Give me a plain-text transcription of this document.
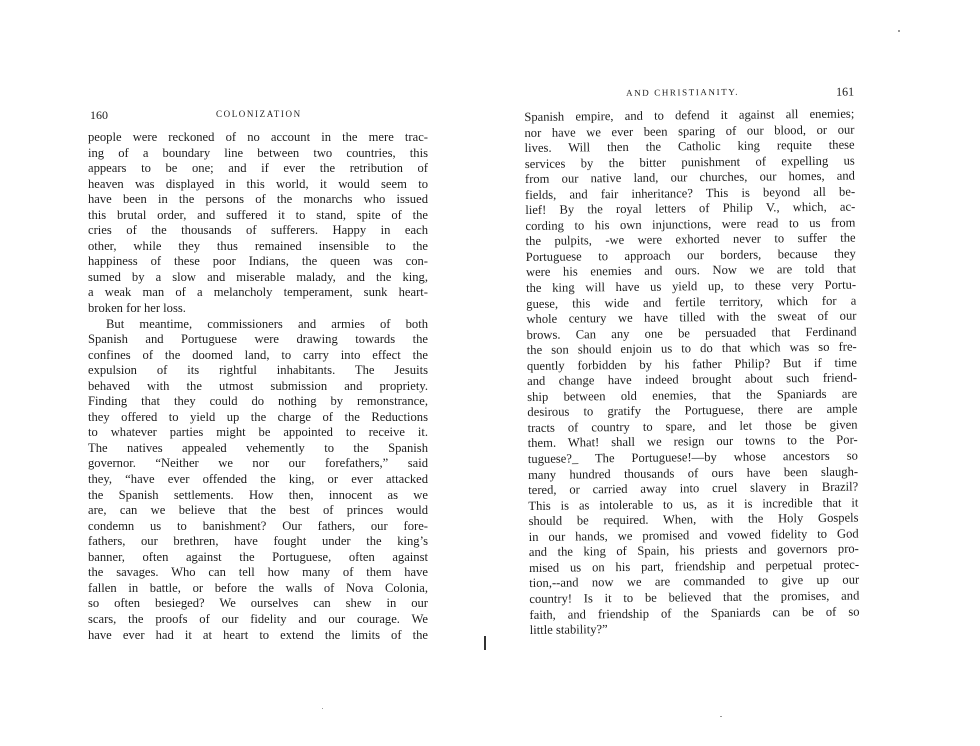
160	COLONIZATION
people were reckoned of no account in the mere trac-
ing of a boundary line between two countries, this
appears to be one; and if ever the retribution of
heaven was displayed in this world, it would seem to
have been in the persons of the monarchs who issued
this brutal order, and suffered it to stand, spite of the
cries of the thousands of sufferers. Happy in each
other, while they thus remained insensible to the
happiness of these poor Indians, the queen was con-
sumed by a slow and miserable malady, and the king,
a weak man of a melancholy temperament, sunk heart-
broken for her loss.
But meantime, commissioners and armies of both
Spanish and Portuguese were drawing towards the
confines of the doomed land, to carry into effect the
expulsion of its rightful inhabitants. The Jesuits
behaved with the utmost submission and propriety.
Finding that they could do nothing by remonstrance,
they offered to yield up the charge of the Reductions
to whatever parties might be appointed to receive it.
The natives appealed vehemently to the Spanish
governor. “Neither we nor our forefathers,” said
they, “have ever offended the king, or ever attacked
the Spanish settlements. How then, innocent as we
are, can we believe that the best of princes would
condemn us to banishment? Our fathers, our fore-
fathers, our brethren, have fought under the king’s
banner, often against the Portuguese, often against
the savages. Who can tell how many of them have
fallen in battle, or before the walls of Nova Colonia,
so often besieged? We ourselves can shew in our
scars, the proofs of our fidelity and our courage. We
have ever had it at heart to extend the limits of the
AND CHRISTIANITY.	161
Spanish empire, and to defend it against all enemies;
nor have we ever been sparing of our blood, or our
lives. Will then the Catholic king requite these
services by the bitter punishment of expelling us
from our native land, our churches, our homes, and
fields, and fair inheritance? This is beyond all be-
lief! By the royal letters of Philip V., which, ac-
cording to his own injunctions, were read to us from
the pulpits, -we were exhorted never to suffer the
Portuguese to approach our borders, because they
were his enemies and ours. Now we are told that
the king will have us yield up, to these very Portu-
guese, this wide and fertile territory, which for a
whole century we have tilled with the sweat of our
brows. Can any one be persuaded that Ferdinand
the son should enjoin us to do that which was so fre-
quently forbidden by his father Philip? But if time
and change have indeed brought about such friend-
ship between old enemies, that the Spaniards are
desirous to gratify the Portuguese, there are ample
tracts of country to spare, and let those be given
them. What! shall we resign our towns to the Por-
tuguese?_ The Portuguese!—by whose ancestors so
many hundred thousands of ours have been slaugh-
tered, or carried away into cruel slavery in Brazil?
This is as intolerable to us, as it is incredible that it
should be required. When, with the Holy Gospels
in our hands, we promised and vowed fidelity to God
and the king of Spain, his priests and governors pro-
mised us on his part, friendship and perpetual protec-
tion,--and now we are commanded to give up our
country! Is it to be believed that the promises, and
faith, and friendship of the Spaniards can be of so
little stability?”
